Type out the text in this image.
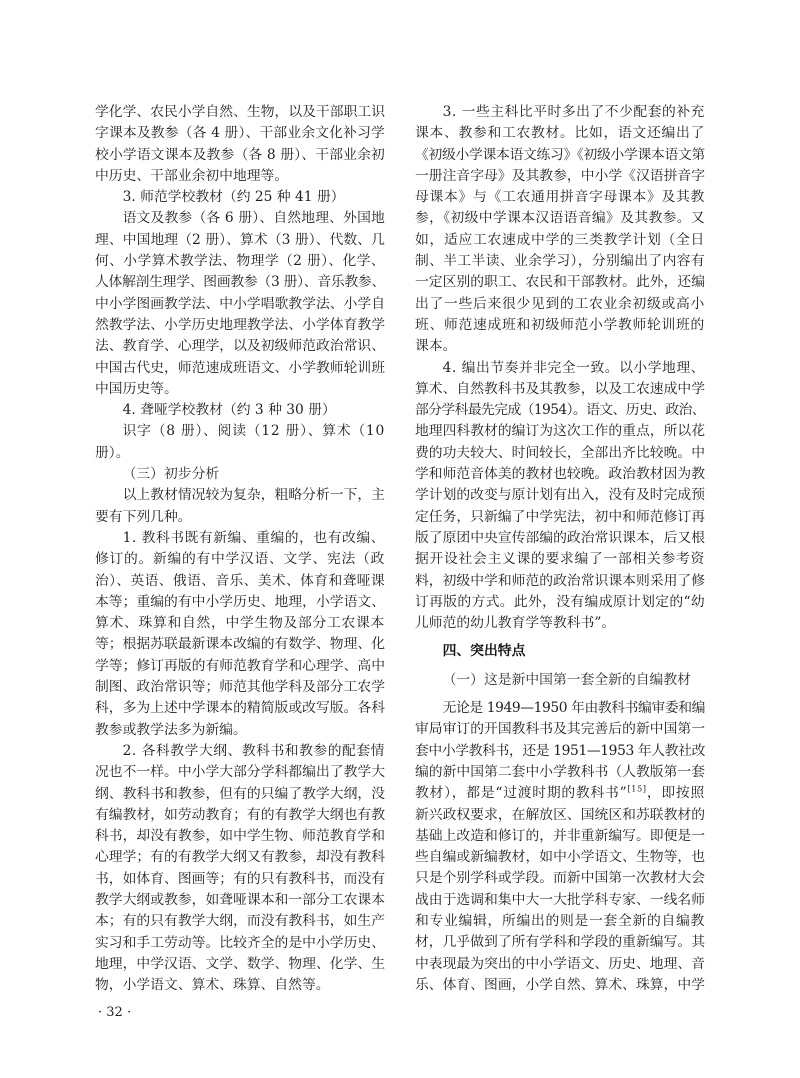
学化学、农民小学自然、生物，以及干部职工识
字课本及教参（各 4 册）、干部业余文化补习学
校小学语文课本及教参（各 8 册）、干部业余初
中历史、干部业余初中地理等。
3. 师范学校教材（约 25 种 41 册）
语文及教参（各 6 册）、自然地理、外国地
理、中国地理（2 册）、算术（3 册）、代数、几
何、小学算术教学法、物理学（2 册）、化学、
人体解剖生理学、图画教参（3 册）、音乐教参、
中小学图画教学法、中小学唱歌教学法、小学自
然教学法、小学历史地理教学法、小学体育教学
法、教育学、心理学，以及初级师范政治常识、
中国古代史，师范速成班语文、小学教师轮训班
中国历史等。
4. 聋哑学校教材（约 3 种 30 册）
识字（8 册）、阅读（12 册）、算术（10
册）。
（三）初步分析
以上教材情况较为复杂，粗略分析一下，主
要有下列几种。
1. 教科书既有新编、重编的，也有改编、
修订的。新编的有中学汉语、文学、宪法（政
治）、英语、俄语、音乐、美术、体育和聋哑课
本等；重编的有中小学历史、地理，小学语文、
算术、珠算和自然，中学生物及部分工农课本
等；根据苏联最新课本改编的有数学、物理、化
学等；修订再版的有师范教育学和心理学、高中
制图、政治常识等；师范其他学科及部分工农学
科，多为上述中学课本的精简版或改写版。各科
教参或教学法多为新编。
2. 各科教学大纲、教科书和教参的配套情
况也不一样。中小学大部分学科都编出了教学大
纲、教科书和教参，但有的只编了教学大纲，没
有编教材，如劳动教育；有的有教学大纲也有教
科书，却没有教参，如中学生物、师范教育学和
心理学；有的有教学大纲又有教参，却没有教科
书，如体育、图画等；有的只有教科书，而没有
教学大纲或教参，如聋哑课本和一部分工农课本
本；有的只有教学大纲，而没有教科书，如生产
实习和手工劳动等。比较齐全的是中小学历史、
地理，中学汉语、文学、数学、物理、化学、生
物，小学语文、算术、珠算、自然等。
3. 一些主科比平时多出了不少配套的补充
课本、教参和工农教材。比如，语文还编出了
《初级小学课本语文练习》《初级小学课本语文第
一册注音字母》及其教参，中小学《汉语拼音字
母课本》与《工农通用拼音字母课本》及其教
参，《初级中学课本汉语语音编》及其教参。又
如，适应工农速成中学的三类教学计划（全日
制、半工半读、业余学习），分别编出了内容有
一定区别的职工、农民和干部教材。此外，还编
出了一些后来很少见到的工农业余初级或高小
班、师范速成班和初级师范小学教师轮训班的
课本。
4. 编出节奏并非完全一致。以小学地理、
算术、自然教科书及其教参，以及工农速成中学
部分学科最先完成（1954）。语文、历史、政治、
地理四科教材的编订为这次工作的重点，所以花
费的功夫较大、时间较长，全部出齐比较晚。中
学和师范音体美的教材也较晚。政治教材因为教
学计划的改变与原计划有出入，没有及时完成预
定任务，只新编了中学宪法，初中和师范修订再
版了原团中央宣传部编的政治常识课本，后又根
据开设社会主义课的要求编了一部相关参考资
料，初级中学和师范的政治常识课本则采用了修
订再版的方式。此外，没有编成原计划定的“幼
儿师范的幼儿教育学等教科书”。
四、突出特点
（一）这是新中国第一套全新的自编教材
无论是 1949—1950 年由教科书编审委和编
审局审订的开国教科书及其完善后的新中国第一
套中小学教科书，还是 1951—1953 年人教社改
编的新中国第二套中小学教科书（人教版第一套
教材），都是“过渡时期的教科书”[15]，即按照
新兴政权要求，在解放区、国统区和苏联教材的
基础上改造和修订的，并非重新编写。即便是一
些自编或新编教材，如中小学语文、生物等，也
只是个别学科或学段。而新中国第一次教材大会
战由于选调和集中大一大批学科专家、一线名师
和专业编辑，所编出的则是一套全新的自编教
材，几乎做到了所有学科和学段的重新编写。其
中表现最为突出的中小学语文、历史、地理、音
乐、体育、图画，小学自然、算术、珠算，中学
· 32 ·
